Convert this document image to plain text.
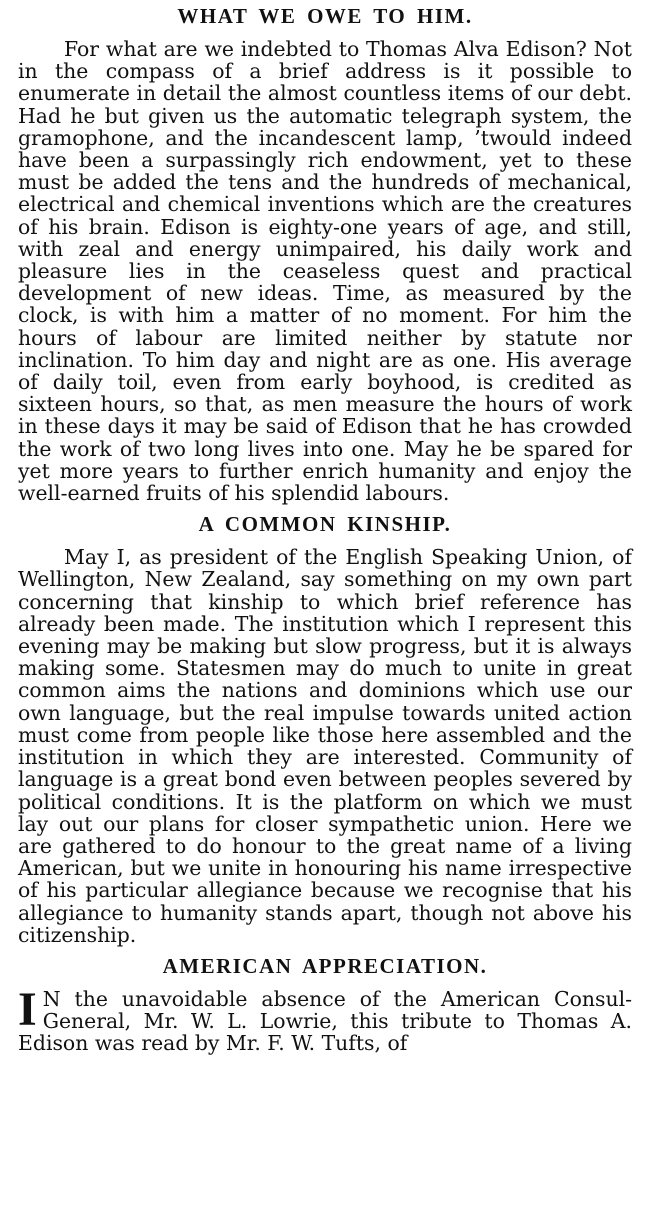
WHAT WE OWE TO HIM.

For what are we indebted to Thomas Alva Edison? Not in the compass of a brief address is it possible to enumerate in detail the almost countless items of our debt. Had he but given us the automatic telegraph system, the gramophone, and the incandescent lamp, ’twould indeed have been a surpassingly rich endowment, yet to these must be added the tens and the hundreds of mechanical, electrical and chemical inventions which are the creatures of his brain. Edison is eighty-one years of age, and still, with zeal and energy unimpaired, his daily work and pleasure lies in the ceaseless quest and practical development of new ideas. Time, as measured by the clock, is with him a matter of no moment. For him the hours of labour are limited neither by statute nor inclination. To him day and night are as one. His average of daily toil, even from early boyhood, is credited as sixteen hours, so that, as men measure the hours of work in these days it may be said of Edison that he has crowded the work of two long lives into one. May he be spared for yet more years to further enrich humanity and enjoy the well-earned fruits of his splendid labours.

A COMMON KINSHIP.

May I, as president of the English Speaking Union, of Wellington, New Zealand, say something on my own part concerning that kinship to which brief reference has already been made. The institution which I represent this evening may be making but slow progress, but it is always making some. Statesmen may do much to unite in great common aims the nations and dominions which use our own language, but the real impulse towards united action must come from people like those here assembled and the institution in which they are interested. Community of language is a great bond even between peoples severed by political conditions. It is the platform on which we must lay out our plans for closer sympathetic union. Here we are gathered to do honour to the great name of a living American, but we unite in honouring his name irrespective of his particular allegiance because we recognise that his allegiance to humanity stands apart, though not above his citizenship.

AMERICAN APPRECIATION.

I N the unavoidable absence of the American Consul-General, Mr. W. L. Lowrie, this tribute to Thomas A. Edison was read by Mr. F. W. Tufts, of
